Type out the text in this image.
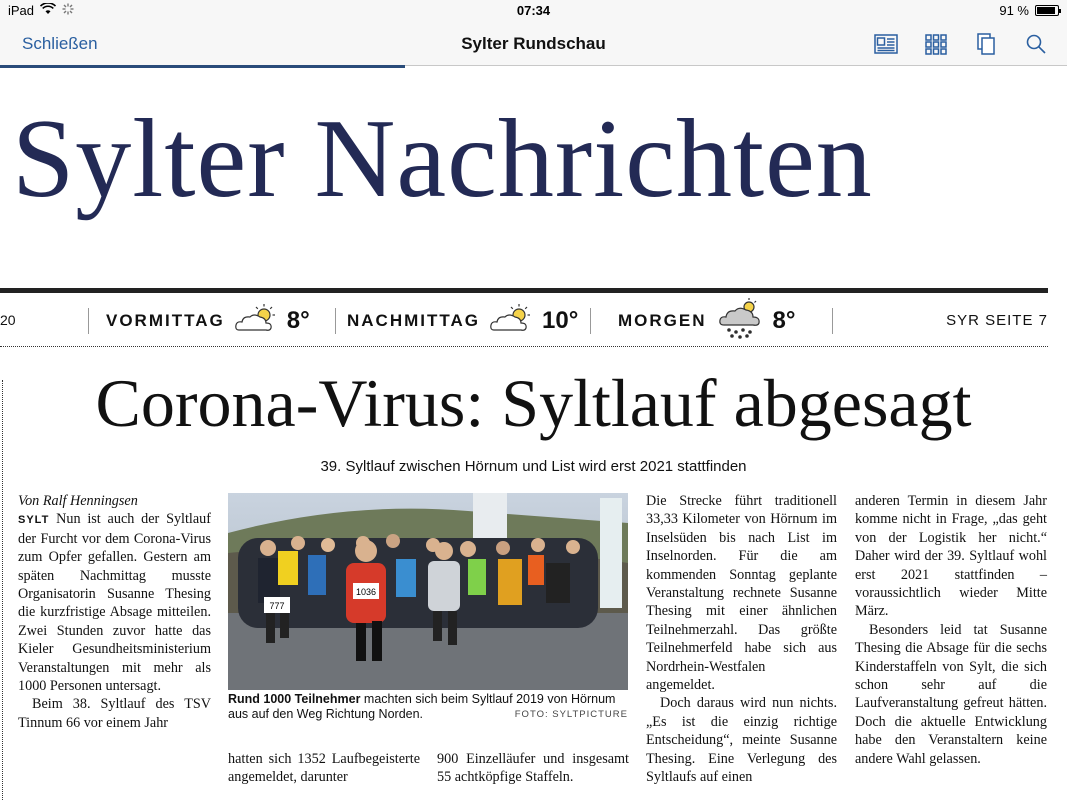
iPad	07:34	91 %
Schließen	Sylter Rundschau
Sylter Nachrichten
20	VORMITTAG	8° NACHMITTAG	10° MORGEN	8°	SYR SEITE 7
Corona-Virus: Syltlauf abgesagt
39. Syltlauf zwischen Hörnum und List wird erst 2021 stattfinden

Von Ralf Henningsen

SYLT Nun ist auch der Syltlauf der Furcht vor dem Corona-Virus zum Opfer gefallen. Gestern am späten Nachmittag musste Organisatorin Susanne Thesing die kurzfristige Absage mitteilen. Zwei Stunden zuvor hatte das Kieler Gesundheitsministerium Veranstaltungen mit mehr als 1000 Personen untersagt.

Beim 38. Syltlauf des TSV Tinnum 66 vor einem Jahr

777
1036
Rund 1000 Teilnehmer machten sich beim Syltlauf 2019 von Hörnum aus auf den Weg Richtung Norden.	FOTO: SYLTPICTURE

hatten sich 1352 Laufbegeisterte angemeldet, darunter

900 Einzelläufer und insgesamt 55 achtköpfige Staffeln.

Die Strecke führt traditionell 33,33 Kilometer von Hörnum im Inselsüden bis nach List im Inselnorden. Für die am kommenden Sonntag geplante Veranstaltung rechnete Susanne Thesing mit einer ähnlichen Teilnehmerzahl. Das größte Teilnehmerfeld habe sich aus Nordrhein-Westfalen angemeldet.

Doch daraus wird nun nichts. „Es ist die einzig richtige Entscheidung“, meinte Susanne Thesing. Eine Verlegung des Syltlaufs auf einen

anderen Termin in diesem Jahr komme nicht in Frage, „das geht von der Logistik her nicht.“ Daher wird der 39. Syltlauf wohl erst 2021 stattfinden – voraussichtlich wieder Mitte März.

Besonders leid tat Susanne Thesing die Absage für die sechs Kinderstaffeln von Sylt, die sich schon sehr auf die Laufveranstaltung gefreut hätten. Doch die aktuelle Entwicklung habe den Veranstaltern keine andere Wahl gelassen.
